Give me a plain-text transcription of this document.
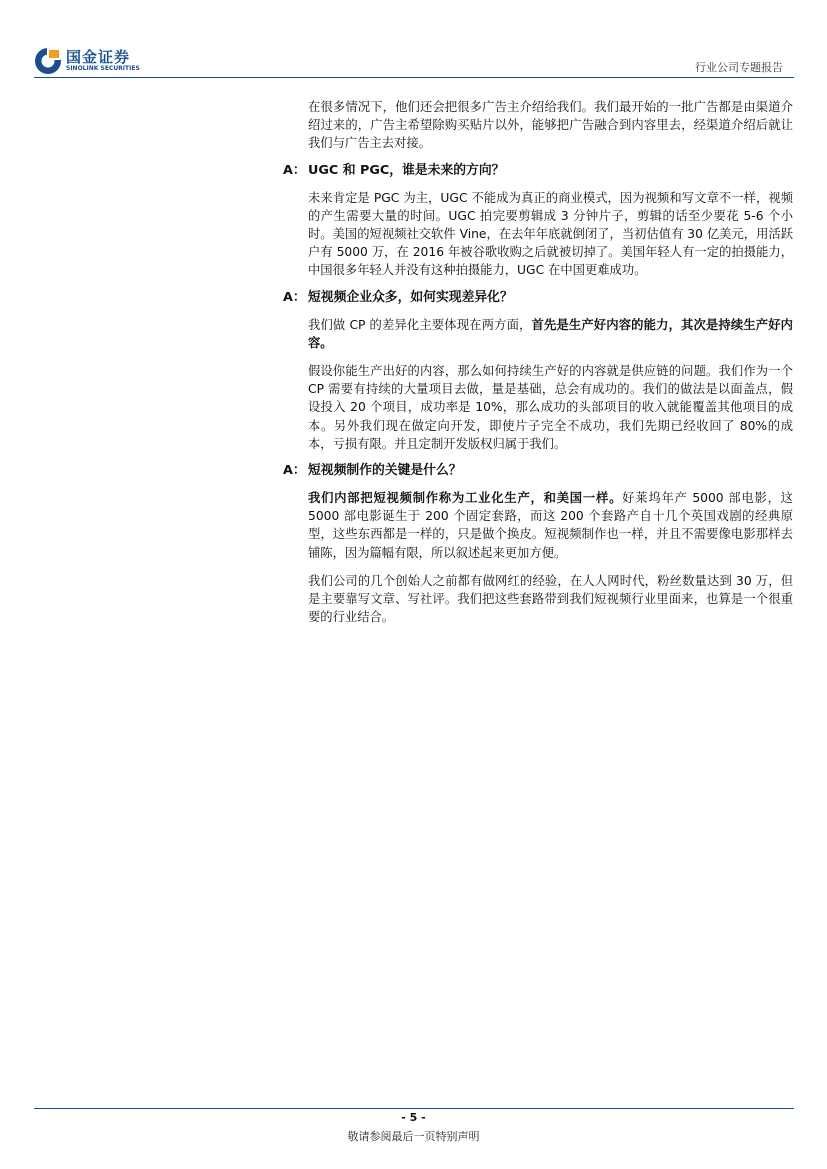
国金证券
SINOLINK SECURITIES	行业公司专题报告

在很多情况下，他们还会把很多广告主介绍给我们。我们最开始的一批广告都是由渠道介绍过来的，广告主希望除购买贴片以外，能够把广告融合到内容里去，经渠道介绍后就让我们与广告主去对接。

A： UGC 和 PGC，谁是未来的方向？

未来肯定是 PGC 为主，UGC 不能成为真正的商业模式，因为视频和写文章不一样，视频的产生需要大量的时间。UGC 拍完要剪辑成 3 分钟片子，剪辑的话至少要花 5-6 个小时。美国的短视频社交软件 Vine，在去年年底就倒闭了，当初估值有 30 亿美元，用活跃户有 5000 万，在 2016 年被谷歌收购之后就被切掉了。美国年轻人有一定的拍摄能力，中国很多年轻人并没有这种拍摄能力，UGC 在中国更难成功。

A： 短视频企业众多，如何实现差异化？

我们做 CP 的差异化主要体现在两方面，首先是生产好内容的能力，其次是持续生产好内容。

假设你能生产出好的内容，那么如何持续生产好的内容就是供应链的问题。我们作为一个 CP 需要有持续的大量项目去做，量是基础，总会有成功的。我们的做法是以面盖点，假设投入 20 个项目，成功率是 10%，那么成功的头部项目的收入就能覆盖其他项目的成本。另外我们现在做定向开发，即使片子完全不成功，我们先期已经收回了 80%的成本，亏损有限。并且定制开发版权归属于我们。

A： 短视频制作的关键是什么？

我们内部把短视频制作称为工业化生产，和美国一样。好莱坞年产 5000 部电影，这 5000 部电影诞生于 200 个固定套路，而这 200 个套路产自十几个英国戏剧的经典原型，这些东西都是一样的，只是做个换皮。短视频制作也一样，并且不需要像电影那样去铺陈，因为篇幅有限，所以叙述起来更加方便。

我们公司的几个创始人之前都有做网红的经验，在人人网时代，粉丝数量达到 30 万，但是主要靠写文章、写社评。我们把这些套路带到我们短视频行业里面来，也算是一个很重要的行业结合。

- 5 -
敬请参阅最后一页特别声明
